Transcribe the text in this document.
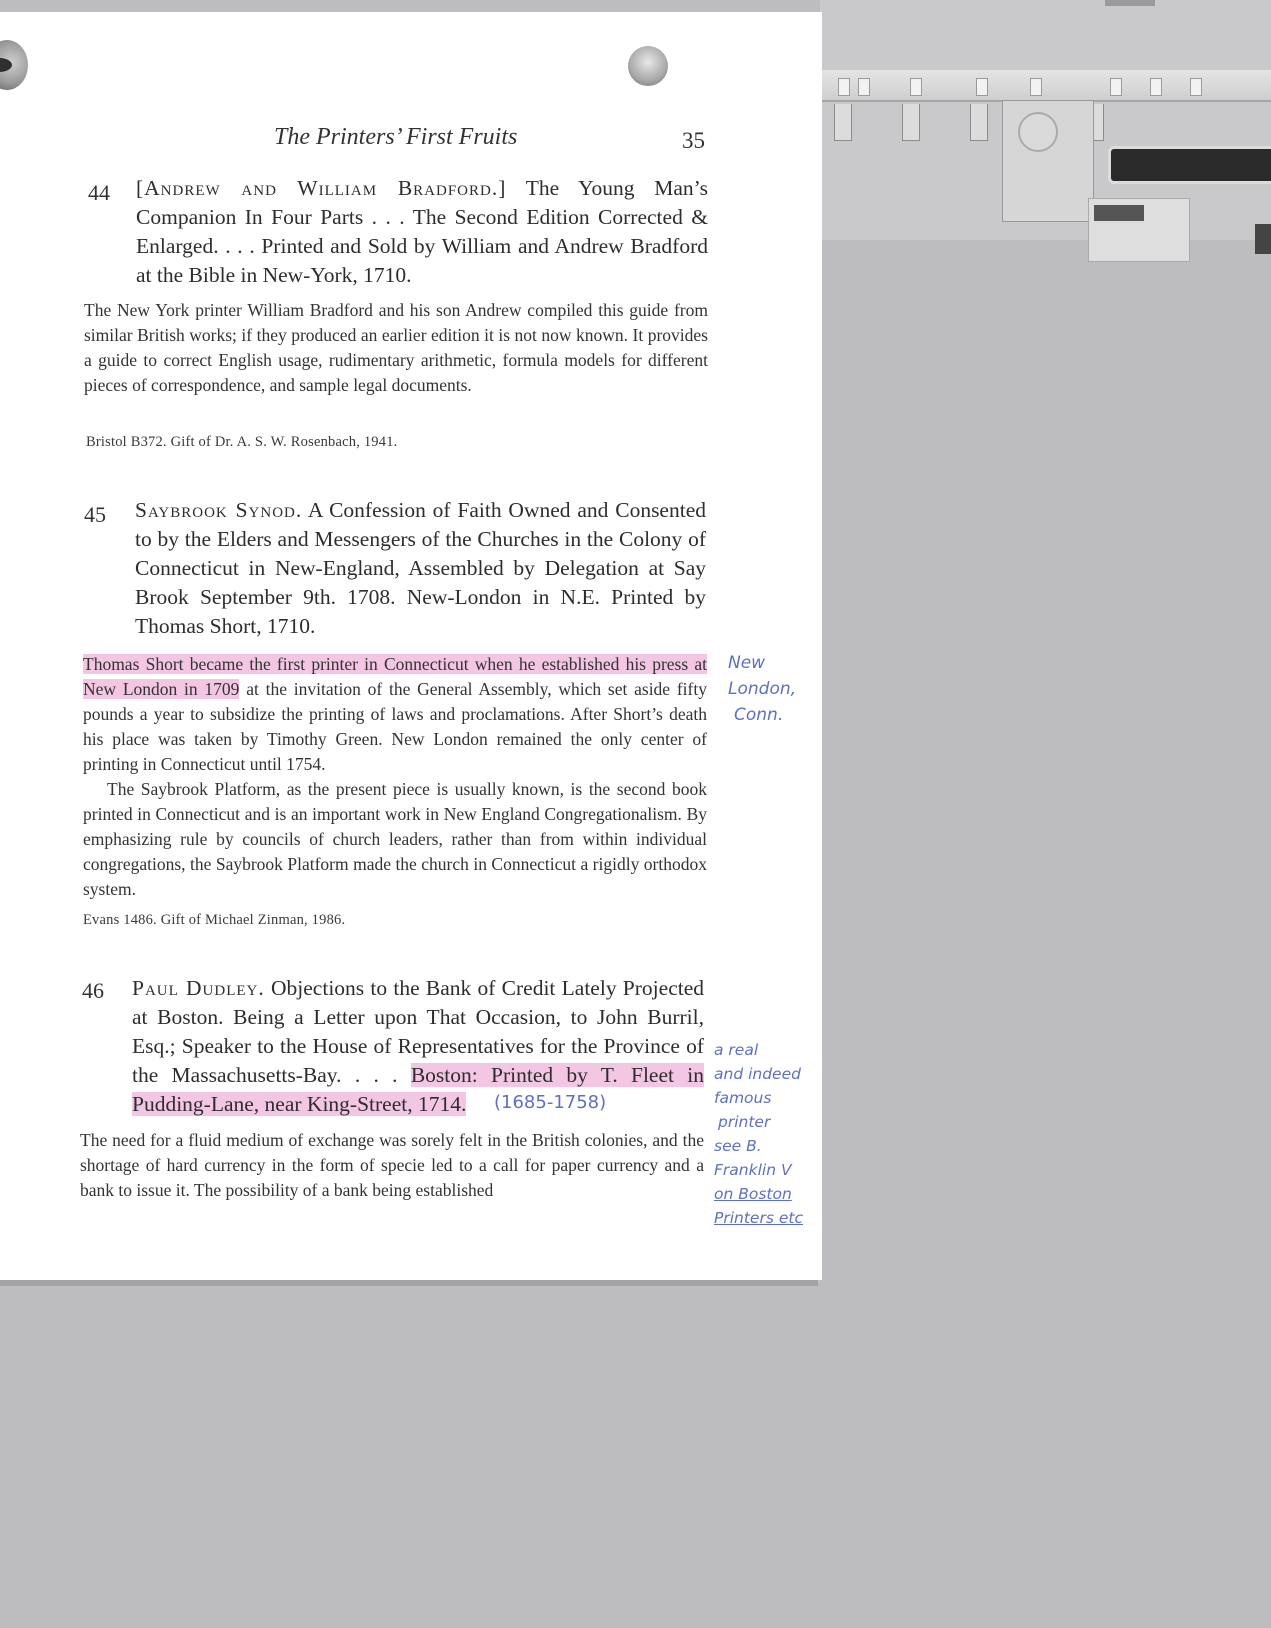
The Printers’ First Fruits	35
44 [Andrew and William Bradford.] The Young Man’s Companion In Four Parts . . . The Second Edition Corrected & Enlarged. . . . Printed and Sold by William and Andrew Bradford at the Bible in New-York, 1710.
The New York printer William Bradford and his son Andrew compiled this guide from similar British works; if they produced an earlier edition it is not now known. It provides a guide to correct English usage, rudimentary arithmetic, formula models for different pieces of correspondence, and sample legal documents.
Bristol B372. Gift of Dr. A. S. W. Rosenbach, 1941.
45 Saybrook Synod. A Confession of Faith Owned and Consented to by the Elders and Messengers of the Churches in the Colony of Connecticut in New-England, Assembled by Delegation at Say Brook September 9th. 1708. New-London in N.E. Printed by Thomas Short, 1710.
Thomas Short became the first printer in Connecticut when he established his press at New London in 1709 at the invitation of the General Assembly, which set aside fifty pounds a year to subsidize the printing of laws and proclamations. After Short’s death his place was taken by Timothy Green. New London remained the only center of printing in Connecticut until 1754.
The Saybrook Platform, as the present piece is usually known, is the second book printed in Connecticut and is an important work in New England Congregationalism. By emphasizing rule by councils of church leaders, rather than from within individual congregations, the Saybrook Platform made the church in Connecticut a rigidly orthodox system.
Evans 1486. Gift of Michael Zinman, 1986.
46 Paul Dudley. Objections to the Bank of Credit Lately Projected at Boston. Being a Letter upon That Occasion, to John Burril, Esq.; Speaker to the House of Representatives for the Province of the Massachusetts-Bay. . . . Boston: Printed by T. Fleet in Pudding-Lane, near King-Street, 1714.
The need for a fluid medium of exchange was sorely felt in the British colonies, and the shortage of hard currency in the form of specie led to a call for paper currency and a bank to issue it. The possibility of a bank being established
New
London,
Conn.
(1685-1758)
a real
and indeed
famous
printer
see B.
Franklin V
on Boston
Printers etc
